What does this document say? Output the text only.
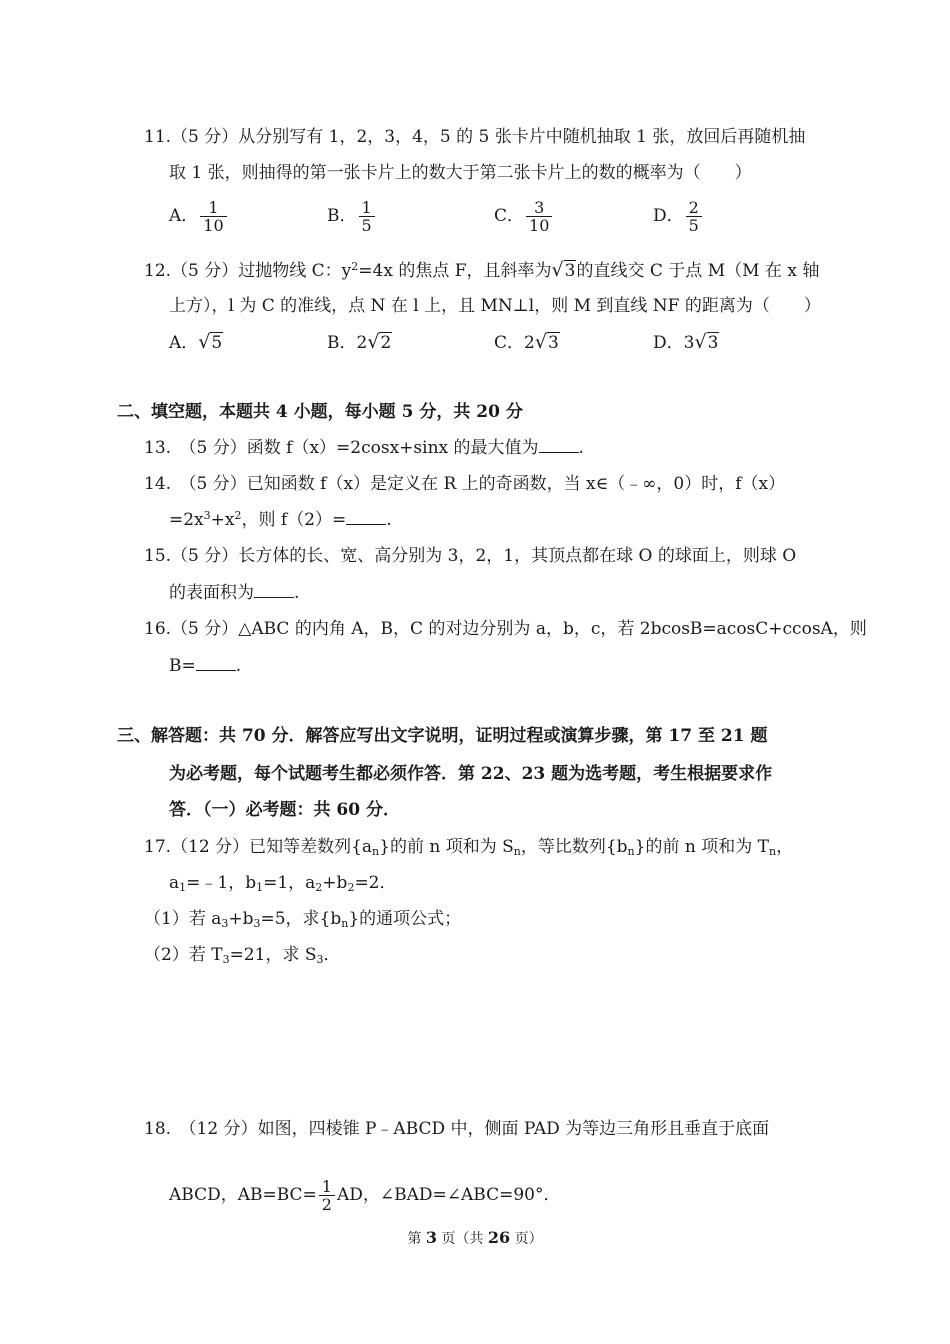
11.（5 分）从分别写有 1，2，3，4，5 的 5 张卡片中随机抽取 1 张，放回后再随机抽
取 1 张，则抽得的第一张卡片上的数大于第二张卡片上的数的概率为（　　）
A． $\frac{1}{10}$	B． $\frac{1}{5}$	C． $\frac{3}{10}$	D． $\frac{2}{5}$
12.（5 分）过抛物线 C：$y^2=4x$ 的焦点 F，且斜率为√3的直线交 C 于点 M（M 在 x 轴
上方），l 为 C 的准线，点 N 在 l 上，且 MN⊥l，则 M 到直线 NF 的距离为（　　）
A．√5	B．2√2	C．2√3	D．3√3
二、填空题，本题共 4 小题，每小题 5 分，共 20 分
13.　（5 分）函数 f（x）=2cosx+sinx 的最大值为 .
14.　（5 分）已知函数 f（x）是定义在 R 上的奇函数，当 x∈（﹣∞，0）时，f（x）
$=2x^3+x^2$，则 f（2）= .
15.（5 分）长方体的长、宽、高分别为 3，2，1，其顶点都在球 O 的球面上，则球 O
的表面积为 .
16.（5 分）△ABC 的内角 A，B，C 的对边分别为 a，b，c，若 2bcosB=acosC+ccosA，则
B= .
三、解答题：共 70 分．解答应写出文字说明，证明过程或演算步骤，第 17 至 21 题
为必考题，每个试题考生都必须作答．第 22、23 题为选考题，考生根据要求作
答．（一）必考题：共 60 分．
17.（12 分）已知等差数列$\{a_n\}$的前 n 项和为 $S_n$，等比数列$\{b_n\}$的前 n 项和为 $T_n$，
$a_1=﹣1$，$b_1=1$，$a_2+b_2=2$．
（1）若 $a_3+b_3=5$，求$\{b_n\}$的通项公式；
（2）若 $T_3=21$，求 $S_3$．
18.　（12 分）如图，四棱锥 P﹣ABCD 中，侧面 PAD 为等边三角形且垂直于底面
ABCD，$AB=BC= \frac{1}{2}$ AD，∠BAD=∠ABC=90°．
第 3 页（共 26 页）
